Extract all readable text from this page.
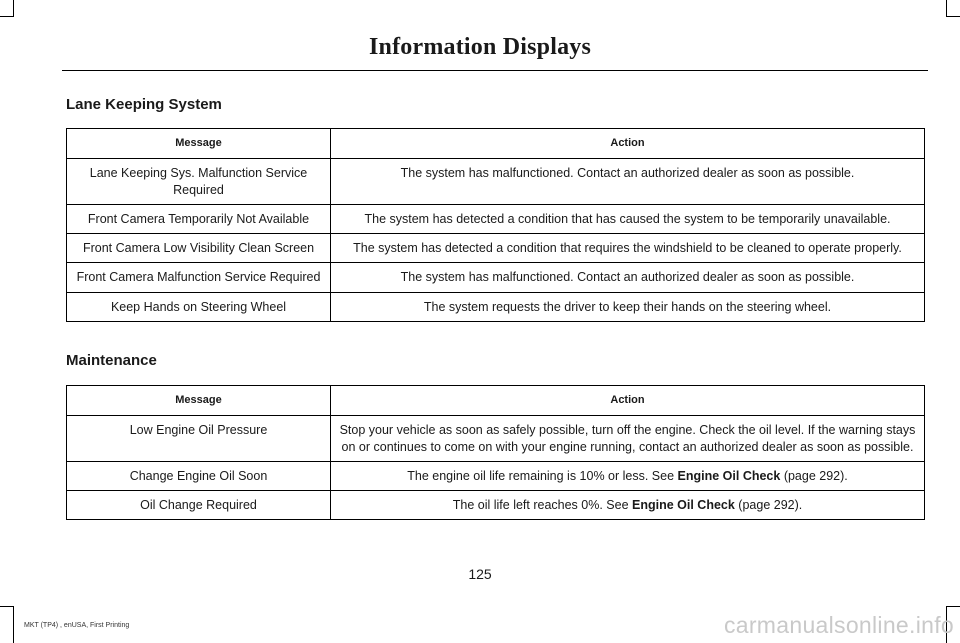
Information Displays
Lane Keeping System
Message	Action
Lane Keeping Sys. Malfunction Service Required	The system has malfunctioned. Contact an authorized dealer as soon as possible.
Front Camera Temporarily Not Available	The system has detected a condition that has caused the system to be temporarily unavailable.
Front Camera Low Visibility Clean Screen	The system has detected a condition that requires the windshield to be cleaned to operate properly.
Front Camera Malfunction Service Required	The system has malfunctioned. Contact an authorized dealer as soon as possible.
Keep Hands on Steering Wheel	The system requests the driver to keep their hands on the steering wheel.
Maintenance
Message	Action
Low Engine Oil Pressure	Stop your vehicle as soon as safely possible, turn off the engine. Check the oil level. If the warning stays on or continues to come on with your engine running, contact an authorized dealer as soon as possible.
Change Engine Oil Soon	The engine oil life remaining is 10% or less. See Engine Oil Check (page 292).
Oil Change Required	The oil life left reaches 0%. See Engine Oil Check (page 292).
125
MKT (TP4) , enUSA, First Printing	carmanualsonline.info
